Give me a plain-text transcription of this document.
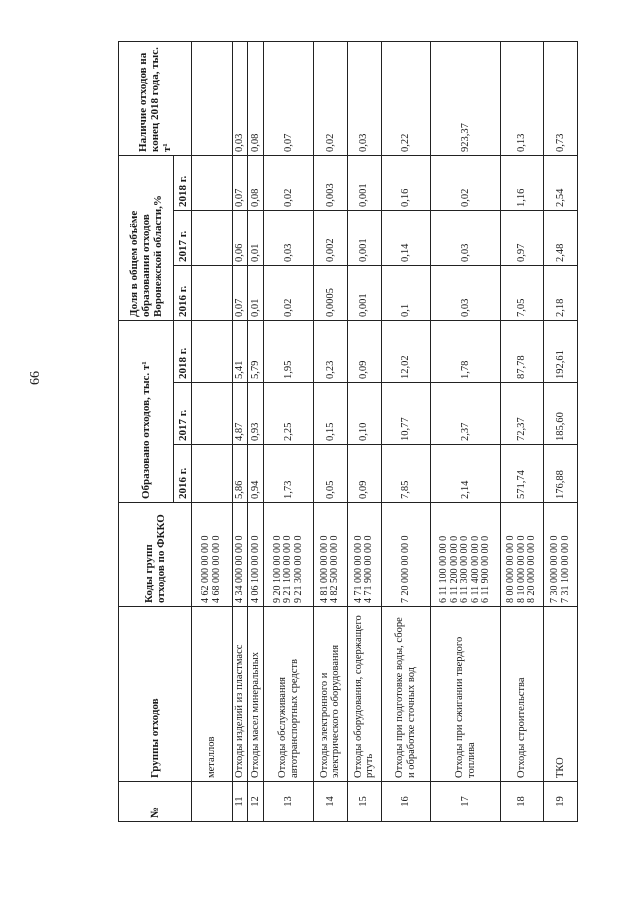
66
№	Группы отходов	Коды групп отходов по ФККО	Образовано отходов, тыс. т¹			Доля в общем объёме образования отходов Воронежской области,%			Наличие отходов на конец 2018 года, тыс. т¹
			2016 г.	2017 г.	2018 г.	2016 г.	2017 г.	2018 г.	
	металлов	4 62 000 00 00 0
4 68 000 00 00 0							
11	Отходы изделий из пластмасс	4 34 000 00 00 0	5,86	4,87	5,41	0,07	0,06	0,07	0,03
12	Отходы масел минеральных	4 06 100 00 00 0	0,94	0,93	5,79	0,01	0,01	0,08	0,08
13	Отходы обслуживания автотранспортных средств	9 20 100 00 00 0
9 21 100 00 00 0
9 21 300 00 00 0	1,73	2,25	1,95	0,02	0,03	0,02	0,07
14	Отходы электронного и электрического оборудования	4 81 000 00 00 0
4 82 500 00 00 0	0,05	0,15	0,23	0,0005	0,002	0,003	0,02
15	Отходы оборудования, содержащего ртуть	4 71 000 00 00 0
4 71 900 00 00 0	0,09	0,10	0,09	0,001	0,001	0,001	0,03
16	Отходы при подготовке воды, сборе и обработке сточных вод	7 20 000 00 00 0	7,85	10,77	12,02	0,1	0,14	0,16	0,22
17	Отходы при сжигании твердого топлива	6 11 100 00 00 0
6 11 200 00 00 0
6 11 300 00 00 0
6 11 400 00 00 0
6 11 900 00 00 0	2,14	2,37	1,78	0,03	0,03	0,02	923,37
18	Отходы строительства	8 00 000 00 00 0
8 10 000 00 00 0
8 20 000 00 00 0	571,74	72,37	87,78	7,05	0,97	1,16	0,13
19	ТКО	7 30 000 00 00 0
7 31 100 00 00 0	176,88	185,60	192,61	2,18	2,48	2,54	0,73
